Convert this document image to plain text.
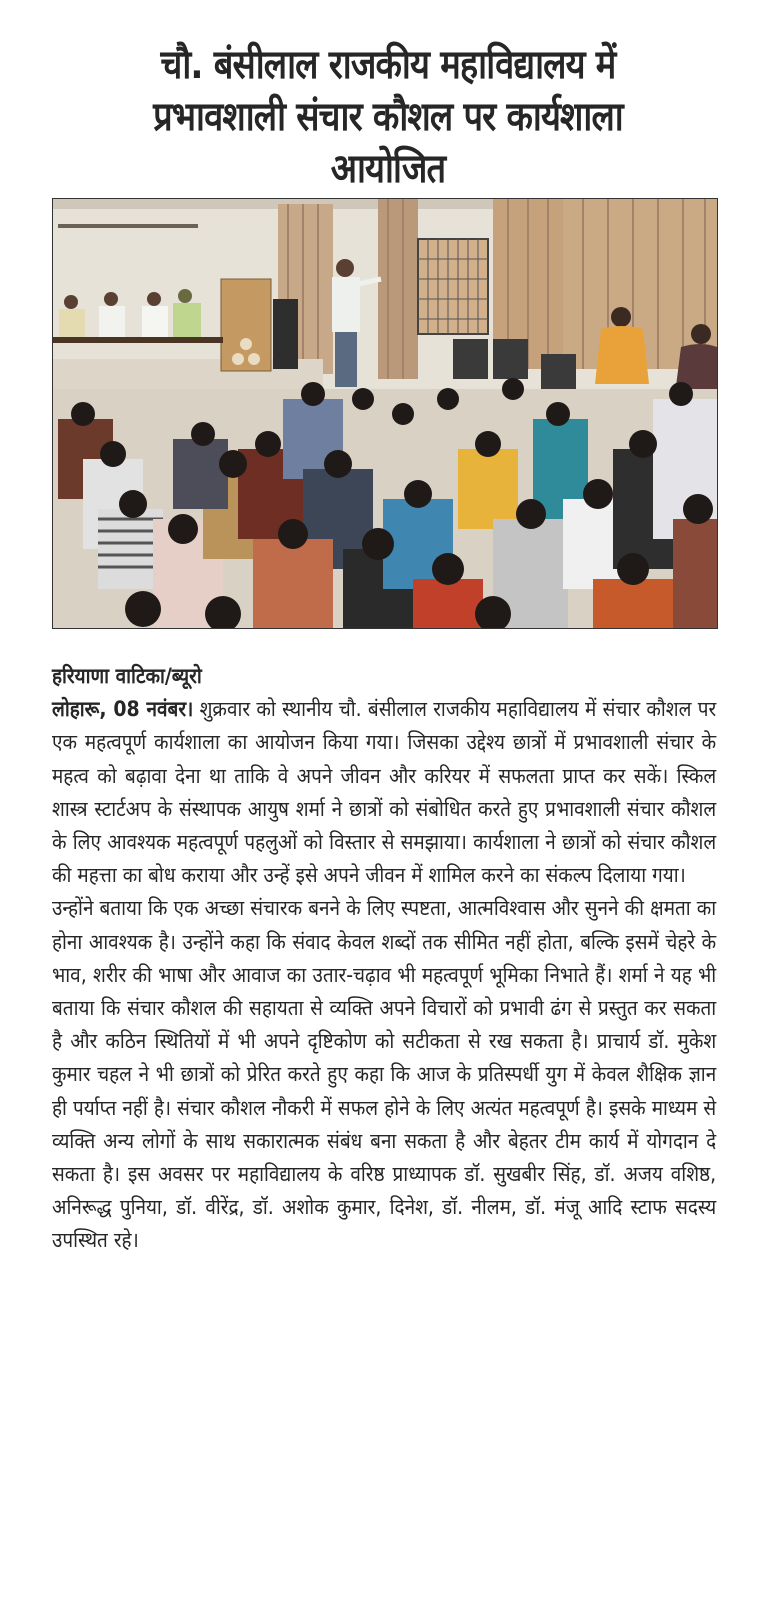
चौ. बंसीलाल राजकीय महाविद्यालय में
प्रभावशाली संचार कौशल पर कार्यशाला
आयोजित
हरियाणा वाटिका/ब्यूरो

लोहारू, 08 नवंबर। शुक्रवार को स्थानीय चौ. बंसीलाल राजकीय महाविद्यालय में संचार कौशल पर एक महत्वपूर्ण कार्यशाला का आयोजन किया गया। जिसका उद्देश्य छात्रों में प्रभावशाली संचार के महत्व को बढ़ावा देना था ताकि वे अपने जीवन और करियर में सफलता प्राप्त कर सकें। स्किल शास्त्र स्टार्टअप के संस्थापक आयुष शर्मा ने छात्रों को संबोधित करते हुए प्रभावशाली संचार कौशल के लिए आवश्यक महत्वपूर्ण पहलुओं को विस्तार से समझाया। कार्यशाला ने छात्रों को संचार कौशल की महत्ता का बोध कराया और उन्हें इसे अपने जीवन में शामिल करने का संकल्प दिलाया गया।

उन्होंने बताया कि एक अच्छा संचारक बनने के लिए स्पष्टता, आत्मविश्वास और सुनने की क्षमता का होना आवश्यक है। उन्होंने कहा कि संवाद केवल शब्दों तक सीमित नहीं होता, बल्कि इसमें चेहरे के भाव, शरीर की भाषा और आवाज का उतार-चढ़ाव भी महत्वपूर्ण भूमिका निभाते हैं। शर्मा ने यह भी बताया कि संचार कौशल की सहायता से व्यक्ति अपने विचारों को प्रभावी ढंग से प्रस्तुत कर सकता है और कठिन स्थितियों में भी अपने दृष्टिकोण को सटीकता से रख सकता है। प्राचार्य डॉ. मुकेश कुमार चहल ने भी छात्रों को प्रेरित करते हुए कहा कि आज के प्रतिस्पर्धी युग में केवल शैक्षिक ज्ञान ही पर्याप्त नहीं है। संचार कौशल नौकरी में सफल होने के लिए अत्यंत महत्वपूर्ण है। इसके माध्यम से व्यक्ति अन्य लोगों के साथ सकारात्मक संबंध बना सकता है और बेहतर टीम कार्य में योगदान दे सकता है। इस अवसर पर महाविद्यालय के वरिष्ठ प्राध्यापक डॉ. सुखबीर सिंह, डॉ. अजय वशिष्ठ, अनिरूद्ध पुनिया, डॉ. वीरेंद्र, डॉ. अशोक कुमार, दिनेश, डॉ. नीलम, डॉ. मंजू आदि स्टाफ सदस्य उपस्थित रहे।
